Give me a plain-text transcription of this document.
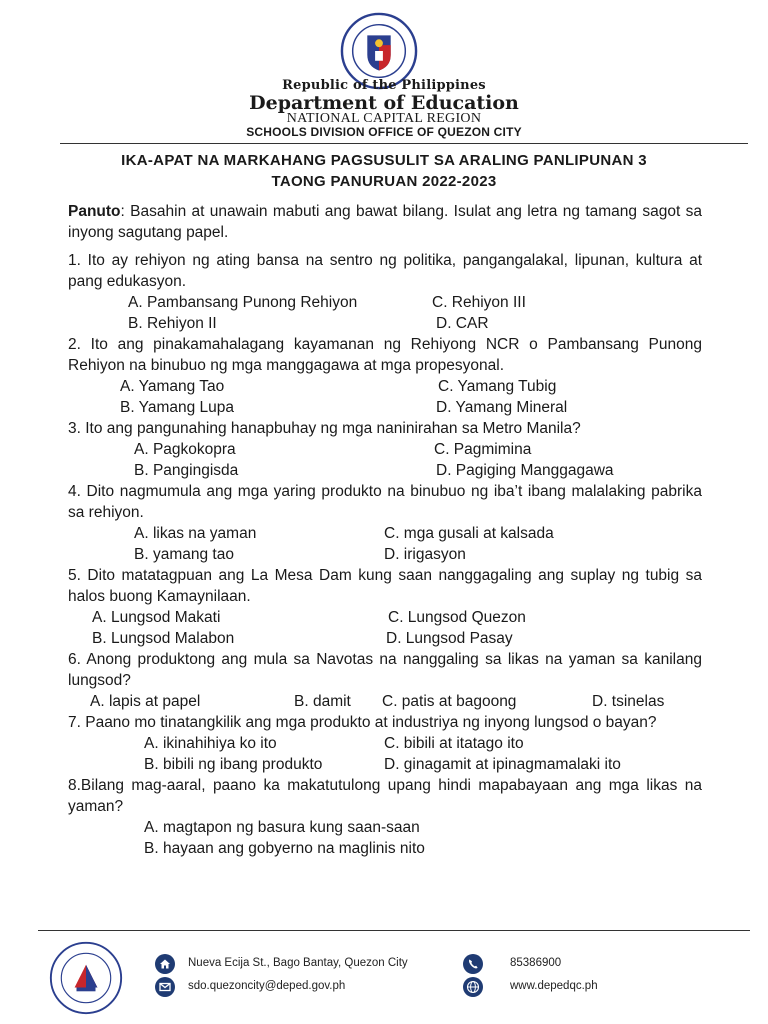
Republic of the Philippines
Department of Education
NATIONAL CAPITAL REGION
SCHOOLS DIVISION OFFICE OF QUEZON CITY
IKA-APAT NA MARKAHANG PAGSUSULIT SA ARALING PANLIPUNAN 3
TAONG PANURUAN 2022-2023

Panuto: Basahin at unawain mabuti ang bawat bilang. Isulat ang letra ng tamang sagot sa inyong sagutang papel.

1. Ito ay rehiyon ng ating bansa na sentro ng politika, pangangalakal, lipunan, kultura at pang edukasyon.

A. Pambansang Punong Rehiyon	C. Rehiyon III
B. Rehiyon II	D. CAR

2. Ito ang pinakamahalagang kayamanan ng Rehiyong NCR o Pambansang Punong Rehiyon na binubuo ng mga manggagawa at mga propesyonal.

A. Yamang Tao	C. Yamang Tubig
B. Yamang Lupa	D. Yamang Mineral

3. Ito ang pangunahing hanapbuhay ng mga naninirahan sa Metro Manila?

A. Pagkokopra	C. Pagmimina
B. Pangingisda	D. Pagiging Manggagawa

4. Dito nagmumula ang mga yaring produkto na binubuo ng iba’t ibang malalaking pabrika sa rehiyon.

A. likas na yaman	C. mga gusali at kalsada
B. yamang tao	D. irigasyon

5. Dito matatagpuan ang La Mesa Dam kung saan nanggagaling ang suplay ng tubig sa halos buong Kamaynilaan.

A. Lungsod Makati	C. Lungsod Quezon
B. Lungsod Malabon	D. Lungsod Pasay

6. Anong produktong ang mula sa Navotas na nanggaling sa likas na yaman sa kanilang lungsod?

A. lapis at papel	B. damit C. patis at bagoong	D. tsinelas

7. Paano mo tinatangkilik ang mga produkto at industriya ng inyong lungsod o bayan?

A. ikinahihiya ko ito	C. bibili at itatago ito
B. bibili ng ibang produkto	D. ginagamit at ipinagmamalaki ito

8.Bilang mag-aaral, paano ka makatutulong upang hindi mapabayaan ang mga likas na yaman?

A. magtapon ng basura kung saan-saan
B. hayaan ang gobyerno na maglinis nito
Nueva Ecija St., Bago Bantay, Quezon City
sdo.quezoncity@deped.gov.ph
85386900
www.depedqc.ph
